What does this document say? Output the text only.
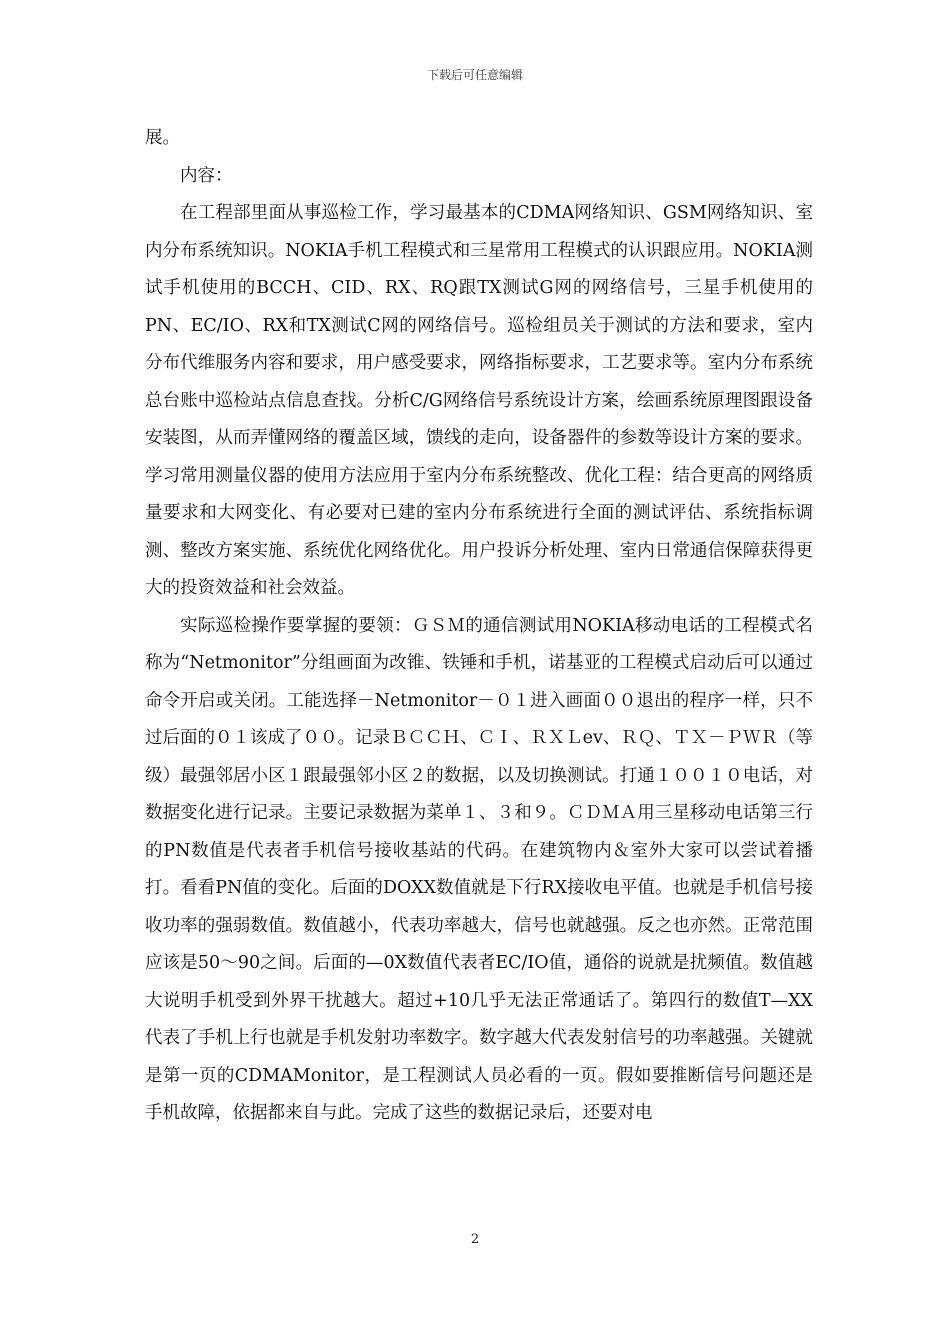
下载后可任意编辑

展。

内容：

在工程部里面从事巡检工作，学习最基本的CDMA网络知识、GSM网络知识、室内分布系统知识。NOKIA手机工程模式和三星常用工程模式的认识跟应用。NOKIA测试手机使用的BCCH、CID、RX、RQ跟TX测试G网的网络信号，三星手机使用的PN、EC/IO、RX和TX测试C网的网络信号。巡检组员关于测试的方法和要求，室内分布代维服务内容和要求，用户感受要求，网络指标要求，工艺要求等。室内分布系统总台账中巡检站点信息查找。分析C/G网络信号系统设计方案，绘画系统原理图跟设备安装图，从而弄懂网络的覆盖区域，馈线的走向，设备器件的参数等设计方案的要求。学习常用测量仪器的使用方法应用于室内分布系统整改、优化工程：结合更高的网络质量要求和大网变化、有必要对已建的室内分布系统进行全面的测试评估、系统指标调测、整改方案实施、系统优化网络优化。用户投诉分析处理、室内日常通信保障获得更大的投资效益和社会效益。

实际巡检操作要掌握的要领：ＧＳＭ的通信测试用NOKIA移动电话的工程模式名称为“Netmonitor”分组画面为改锥、铁锤和手机，诺基亚的工程模式启动后可以通过命令开启或关闭。工能选择－Netmonitor－０１进入画面００退出的程序一样，只不过后面的０１该成了００。记录ＢＣＣＨ、ＣＩ、ＲＸＬev、ＲＱ、ＴＸ－ＰＷＲ（等级）最强邻居小区１跟最强邻小区２的数据，以及切换测试。打通１００１０电话，对数据变化进行记录。主要记录数据为菜单１、３和９。ＣＤＭＡ用三星移动电话第三行的PN数值是代表者手机信号接收基站的代码。在建筑物内＆室外大家可以尝试着播打。看看PN值的变化。后面的DOXX数值就是下行RX接收电平值。也就是手机信号接收功率的强弱数值。数值越小，代表功率越大，信号也就越强。反之也亦然。正常范围应该是50～90之间。后面的—0X数值代表者EC/IO值，通俗的说就是扰频值。数值越大说明手机受到外界干扰越大。超过+10几乎无法正常通话了。第四行的数值T—XX代表了手机上行也就是手机发射功率数字。数字越大代表发射信号的功率越强。关键就是第一页的CDMAMonitor，是工程测试人员必看的一页。假如要推断信号问题还是手机故障，依据都来自与此。完成了这些的数据记录后，还要对电

2
